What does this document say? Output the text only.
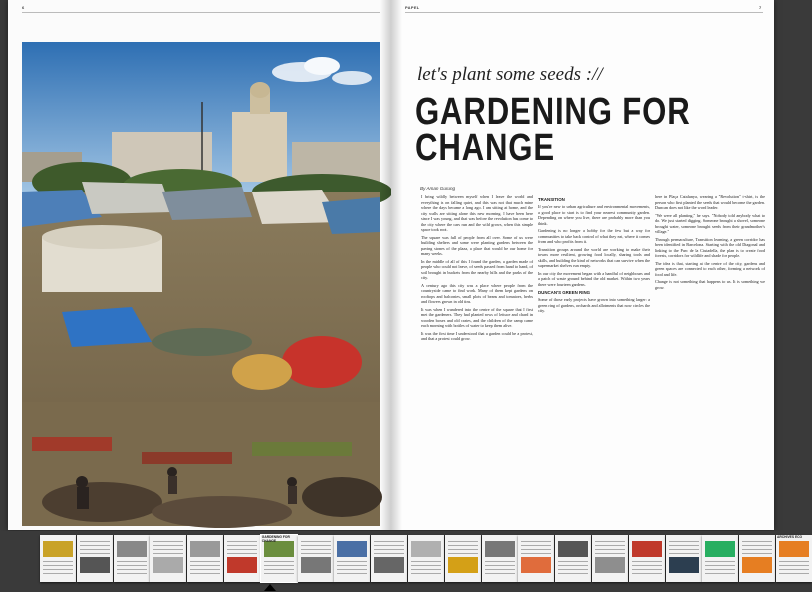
6	PAPEL	7
let's plant some seeds ://
GARDENING FOR
CHANGE
By Aman Gurung

I bring wildly between myself when I leave the world and everything is on falling quiet, and this was not that much mine where the days became a long ago. I am sitting at home, and the city walls are sitting alone this new morning. I have been here since I was young, and that was before the revolution has come to the city where the cars run and the wild grows, when this simple space took root.

The square was full of people from all over. Some of us were building shelters and some were planting gardens between the paving stones of the plaza, a place that would be our home for many weeks.

In the middle of all of this I found the garden, a garden made of people who could not leave, of seeds passed from hand to hand, of soil brought in buckets from the nearby hills and the parks of the city.

A century ago this city was a place where people from the countryside came to find work. Many of them kept gardens on rooftops and balconies, small plots of beans and tomatoes, herbs and flowers grown in old tins.

It was when I wandered into the centre of the square that I first met the gardeners. They had planted rows of lettuce and chard in wooden boxes and old crates, and the children of the camp came each morning with bottles of water to keep them alive.

It was the first time I understood that a garden could be a protest, and that a protest could grow.

TRANSITION

If you're new to urban agriculture and environmental movements, a good place to start is to find your nearest community garden. Depending on where you live, there are probably more than you think.

Gardening is no longer a hobby for the few but a way for communities to take back control of what they eat, where it comes from and who profits from it.

Transition groups around the world are working to make their towns more resilient, growing food locally, sharing tools and skills, and building the kind of networks that can survive when the supermarket shelves run empty.

In our city the movement began with a handful of neighbours and a patch of waste ground behind the old market. Within two years there were fourteen gardens.

DUNCAN'S GREEN RING

Some of those early projects have grown into something larger: a green ring of gardens, orchards and allotments that now circles the city.

here in Plaça Catalunya, wearing a "Revolution" t-shirt, is the person who first planted the seeds that would become the garden. Duncan does not like the word leader.

"We were all planting," he says. "Nobody told anybody what to do. We just started digging. Someone brought a shovel, someone brought water, someone brought seeds from their grandmother's village."

Through permaculture, Transition learning, a green corridor has been identified in Barcelona. Starting with the old Diagonal and linking to the Parc de la Ciutadella, the plan is to create food forests, corridors for wildlife and shade for people.

The idea is that, starting at the centre of the city, gardens and green spaces are connected to each other, forming a network of food and life.

Change is not something that happens to us. It is something we grow.

GARDENING FOR CHANGE
ARCHIVES ECO
